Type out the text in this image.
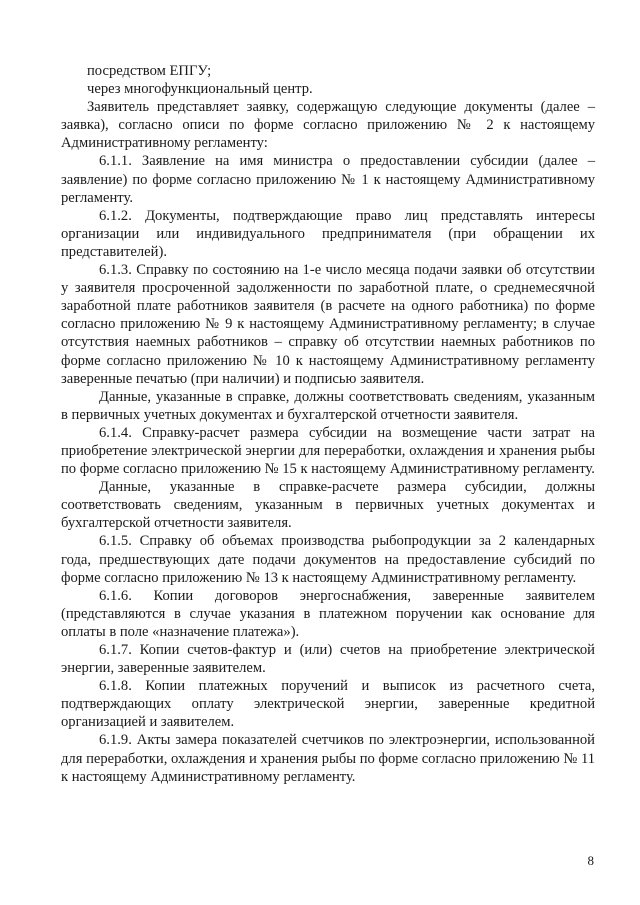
посредством ЕПГУ;

через многофункциональный центр.

Заявитель представляет заявку, содержащую следующие документы (далее – заявка), согласно описи по форме согласно приложению № 2 к настоящему Административному регламенту:

6.1.1. Заявление на имя министра о предоставлении субсидии (далее – заявление) по форме согласно приложению № 1 к настоящему Административному регламенту.

6.1.2. Документы, подтверждающие право лиц представлять интересы организации или индивидуального предпринимателя (при обращении их представителей).

6.1.3. Справку по состоянию на 1-е число месяца подачи заявки об отсутствии у заявителя просроченной задолженности по заработной плате, о среднемесячной заработной плате работников заявителя (в расчете на одного работника) по форме согласно приложению № 9 к настоящему Административному регламенту; в случае отсутствия наемных работников – справку об отсутствии наемных работников по форме согласно приложению № 10 к настоящему Административному регламенту заверенные печатью (при наличии) и подписью заявителя.

Данные, указанные в справке, должны соответствовать сведениям, указанным в первичных учетных документах и бухгалтерской отчетности заявителя.

6.1.4. Справку-расчет размера субсидии на возмещение части затрат на приобретение электрической энергии для переработки, охлаждения и хранения рыбы по форме согласно приложению № 15 к настоящему Административному регламенту.

Данные, указанные в справке-расчете размера субсидии, должны соответствовать сведениям, указанным в первичных учетных документах и бухгалтерской отчетности заявителя.

6.1.5. Справку об объемах производства рыбопродукции за 2 календарных года, предшествующих дате подачи документов на предоставление субсидий по форме согласно приложению № 13 к настоящему Административному регламенту.

6.1.6. Копии договоров энергоснабжения, заверенные заявителем (представляются в случае указания в платежном поручении как основание для оплаты в поле «назначение платежа»).

6.1.7. Копии счетов-фактур и (или) счетов на приобретение электрической энергии, заверенные заявителем.

6.1.8. Копии платежных поручений и выписок из расчетного счета, подтверждающих оплату электрической энергии, заверенные кредитной организацией и заявителем.

6.1.9. Акты замера показателей счетчиков по электроэнергии, использованной для переработки, охлаждения и хранения рыбы по форме согласно приложению № 11 к настоящему Административному регламенту.

8
